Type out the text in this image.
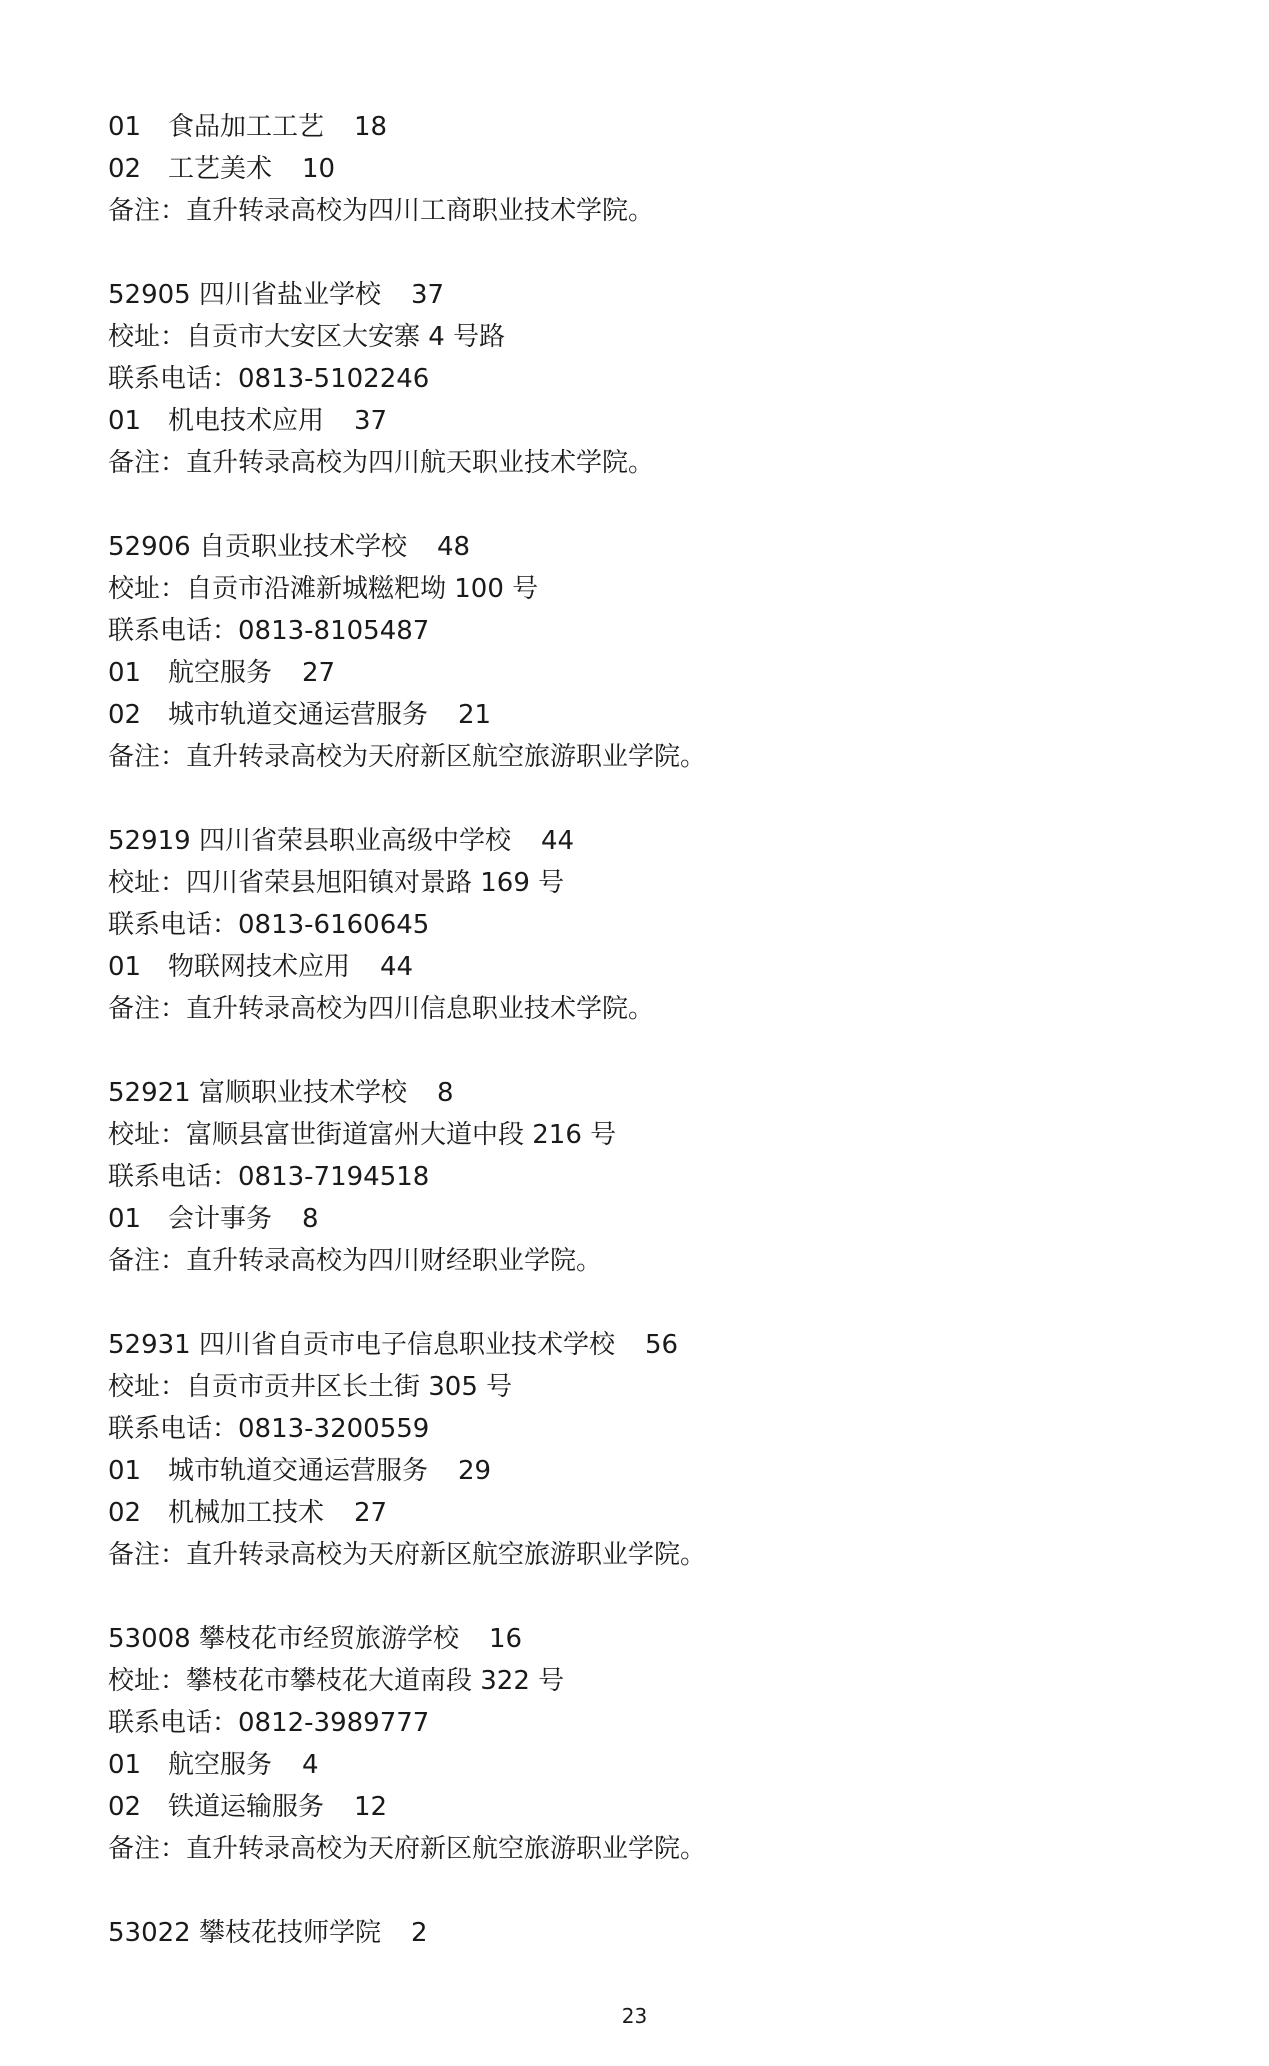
01 食品加工工艺 18
02 工艺美术 10
备注：直升转录高校为四川工商职业技术学院。
52905 四川省盐业学校 37
校址：自贡市大安区大安寨 4 号路
联系电话：0813-5102246
01 机电技术应用 37
备注：直升转录高校为四川航天职业技术学院。
52906 自贡职业技术学校 48
校址：自贡市沿滩新城糍粑坳 100 号
联系电话：0813-8105487
01 航空服务 27
02 城市轨道交通运营服务 21
备注：直升转录高校为天府新区航空旅游职业学院。
52919 四川省荣县职业高级中学校 44
校址：四川省荣县旭阳镇对景路 169 号
联系电话：0813-6160645
01 物联网技术应用 44
备注：直升转录高校为四川信息职业技术学院。
52921 富顺职业技术学校 8
校址：富顺县富世街道富州大道中段 216 号
联系电话：0813-7194518
01 会计事务 8
备注：直升转录高校为四川财经职业学院。
52931 四川省自贡市电子信息职业技术学校 56
校址：自贡市贡井区长土街 305 号
联系电话：0813-3200559
01 城市轨道交通运营服务 29
02 机械加工技术 27
备注：直升转录高校为天府新区航空旅游职业学院。
53008 攀枝花市经贸旅游学校 16
校址：攀枝花市攀枝花大道南段 322 号
联系电话：0812-3989777
01 航空服务 4
02 铁道运输服务 12
备注：直升转录高校为天府新区航空旅游职业学院。
53022 攀枝花技师学院 2
23
